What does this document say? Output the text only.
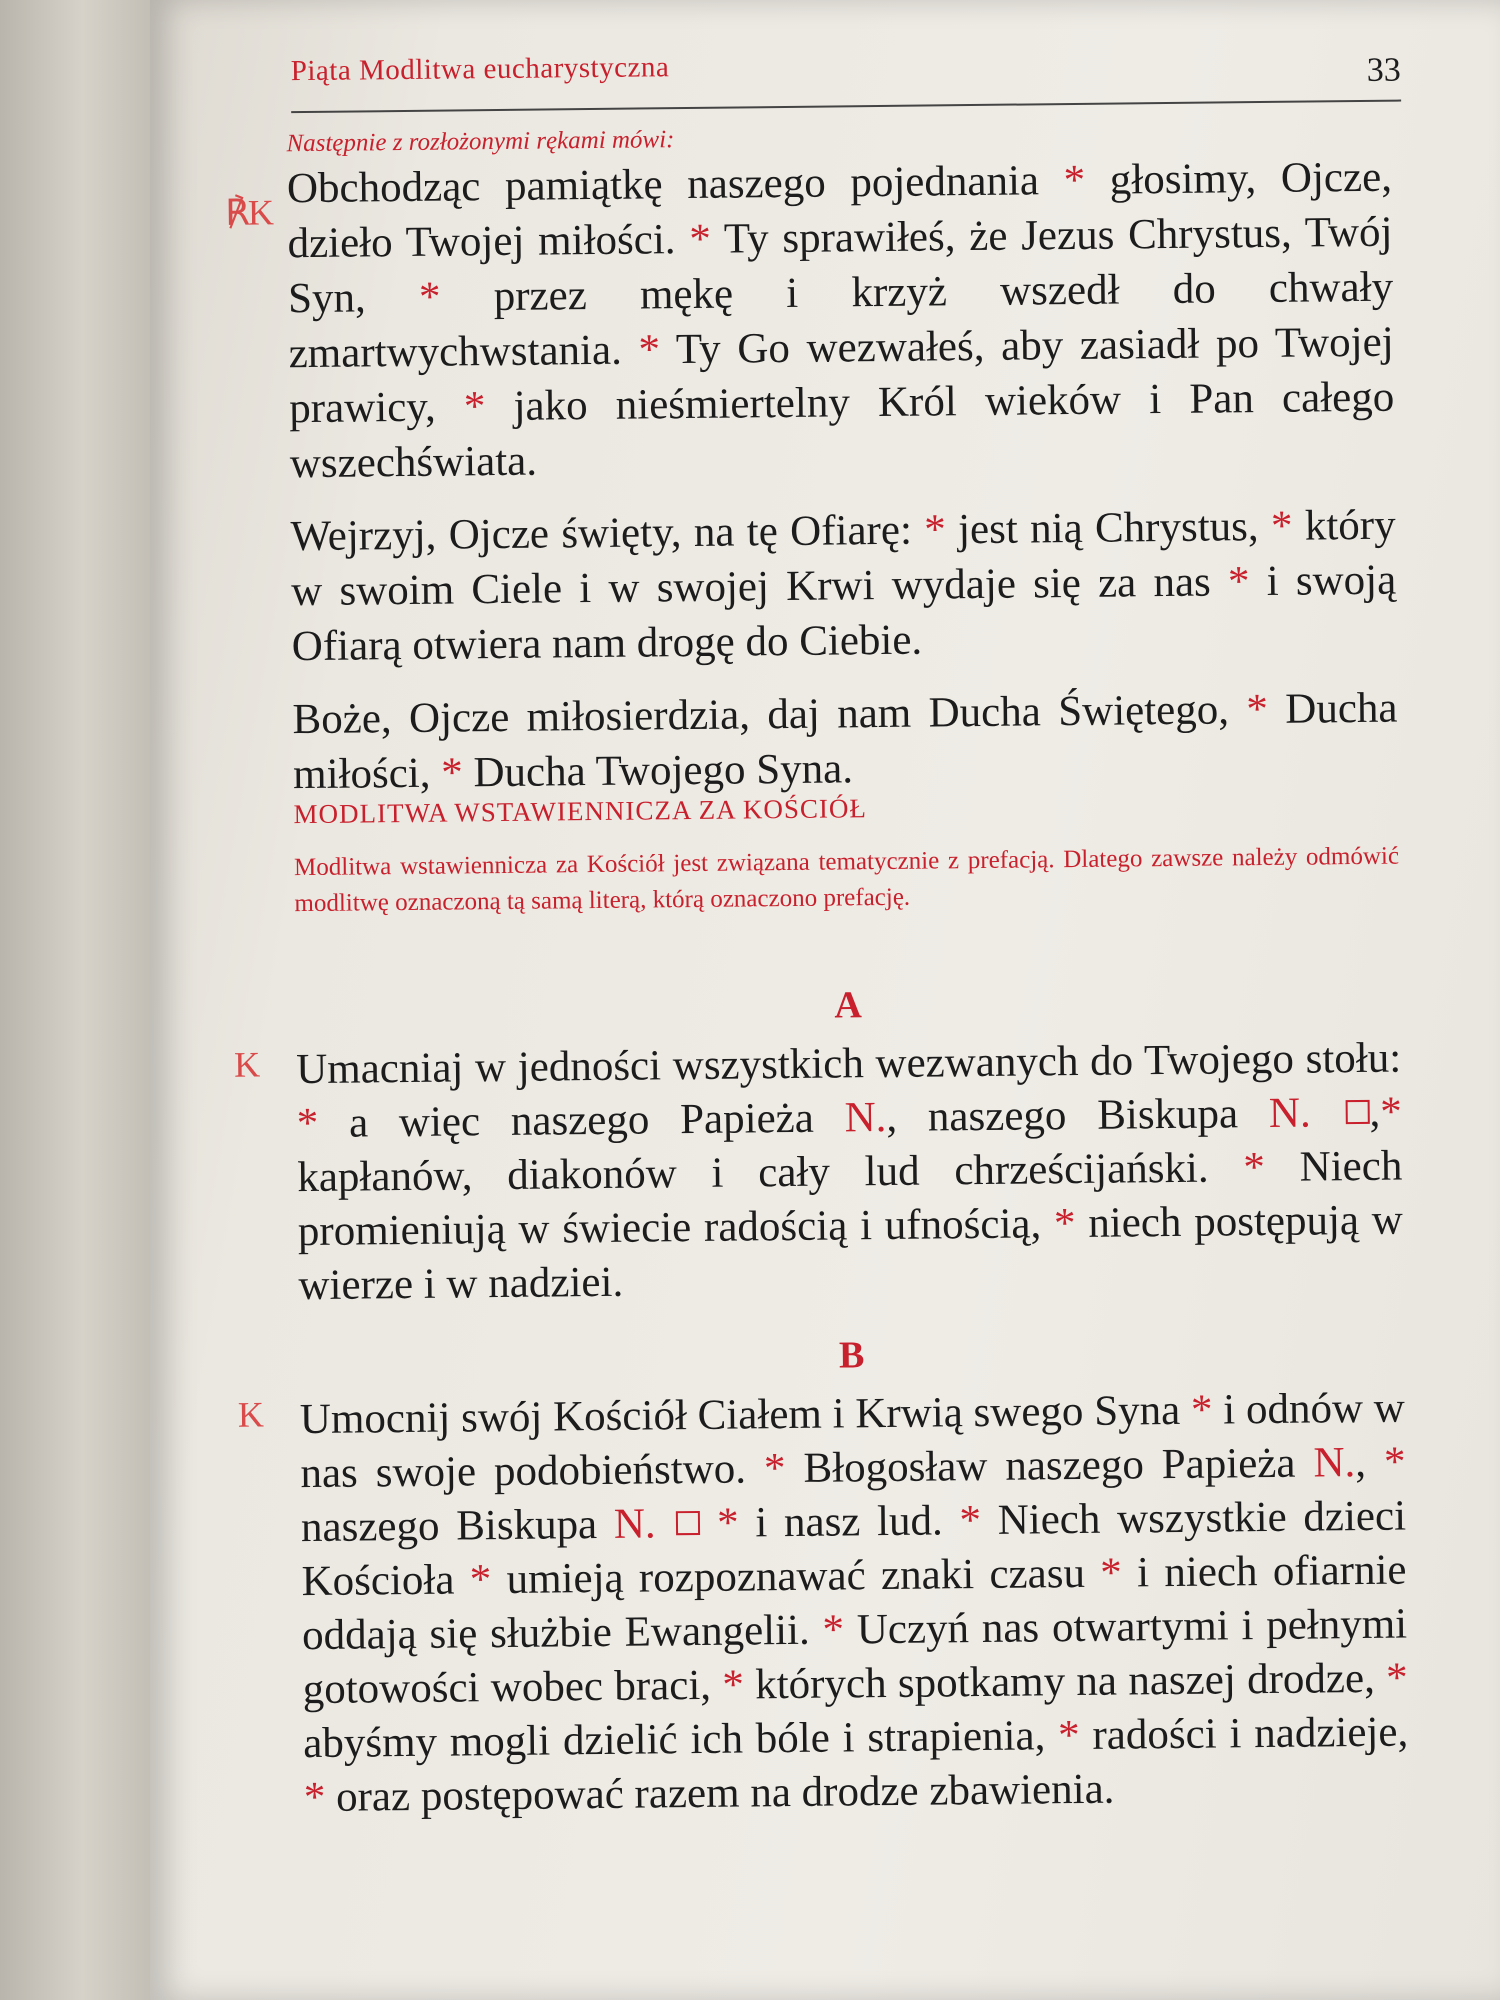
Piąta Modlitwa eucharystyczna	33
Następnie z rozłożonymi rękami mówi:
℟K

Obchodząc pamiątkę naszego pojednania * głosimy, Ojcze, dzieło Twojej miłości. * Ty sprawiłeś, że Jezus Chrystus, Twój Syn, * przez mękę i krzyż wszedł do chwały zmartwychwstania. * Ty Go wezwałeś, aby zasiadł po Twojej prawicy, * jako nieśmiertelny Król wieków i Pan całego wszechświata.

Wejrzyj, Ojcze święty, na tę Ofiarę: * jest nią Chrystus, * który w swoim Ciele i w swojej Krwi wydaje się za nas * i swoją Ofiarą otwiera nam drogę do Ciebie.

Boże, Ojcze miłosierdzia, daj nam Ducha Świętego, * Ducha miłości, * Ducha Twojego Syna.

MODLITWA WSTAWIENNICZA ZA KOŚCIÓŁ

Modlitwa wstawiennicza za Kościół jest związana tematycznie z prefacją. Dlatego zawsze należy odmówić modlitwę oznaczoną tą samą literą, którą oznaczono prefację.

A

K Umacniaj w jedności wszystkich wezwanych do Twojego stołu: * a więc naszego Papieża N., naszego Biskupa N. ,* kapłanów, diakonów i cały lud chrześcijański. * Niech promieniują w świecie radością i ufnością, * niech postępują w wierze i w nadziei.

B

K Umocnij swój Kościół Ciałem i Krwią swego Syna * i odnów w nas swoje podobieństwo. * Błogosław naszego Papieża N., * naszego Biskupa N. * i nasz lud. * Niech wszystkie dzieci Kościoła * umieją rozpoznawać znaki czasu * i niech ofiarnie oddają się służbie Ewangelii. * Uczyń nas otwartymi i pełnymi gotowości wobec braci, * których spotkamy na naszej drodze, * abyśmy mogli dzielić ich bóle i strapienia, * radości i nadzieje, * oraz postępować razem na drodze zbawienia.
